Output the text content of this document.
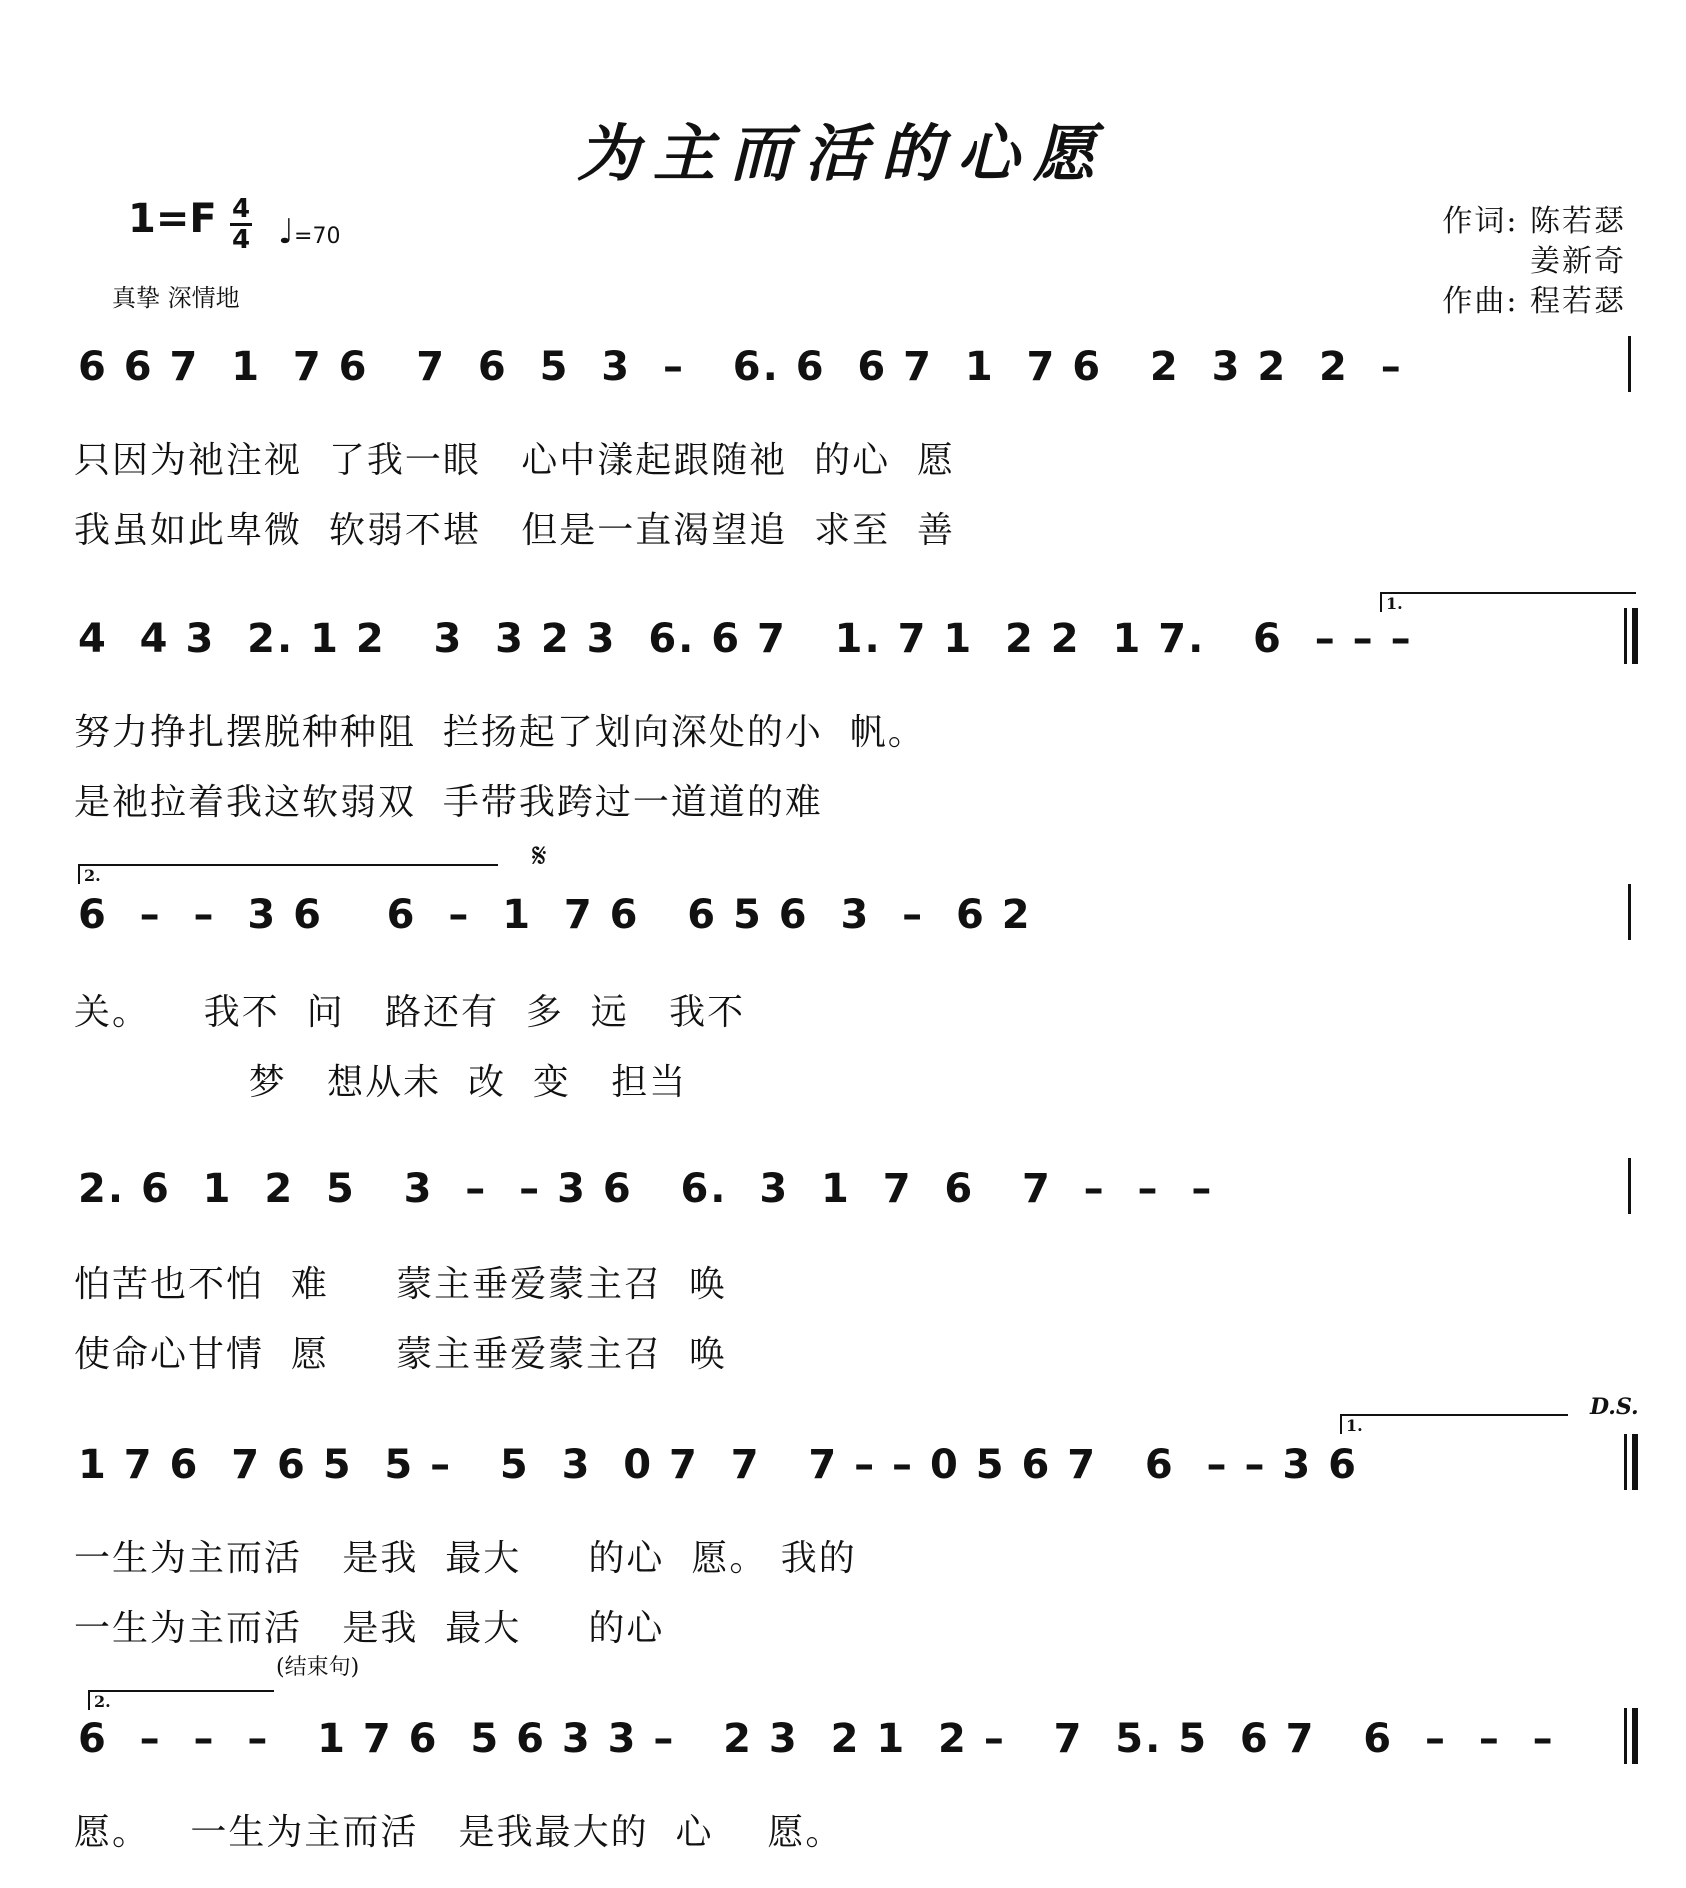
为主而活的心愿
1=F 4
4 ♩=70
真挚 深情地
作词: 陈若瑟
姜新奇
作曲: 程若瑟
6 6 7  1  7 6   7  6  5  3  –   6. 6  6 7  1  7 6   2  3 2  2  –
只因为祂注视  了我一眼   心中漾起跟随祂  的心  愿
我虽如此卑微  软弱不堪   但是一直渴望追  求至  善
1.
4  4 3  2. 1 2   3  3 2 3  6. 6 7   1. 7 1  2 2  1 7.   6  – – –
努力挣扎摆脱种种阻  拦扬起了划向深处的小  帆。
是祂拉着我这软弱双  手带我跨过一道道的难
2.	𝄋
6  –  –  3 6    6  –  1  7 6   6 5 6  3  –  6 2
关。    我不  问   路还有  多  远   我不
梦   想从未  改  变   担当
2. 6  1  2  5   3  –  – 3 6   6.  3  1  7  6   7  –  –  –
怕苦也不怕  难     蒙主垂爱蒙主召  唤
使命心甘情  愿     蒙主垂爱蒙主召  唤
D.S.
1.
1 7 6  7 6 5  5 –   5  3  0 7  7   7 – – 0 5 6 7   6  – – 3 6
一生为主而活   是我  最大     的心  愿。 我的
一生为主而活   是我  最大     的心
(结束句)
2.
6  –  –  –   1 7 6  5 6 3 3 –   2 3  2 1  2 –   7  5. 5  6 7   6  –  –  –
愿。   一生为主而活   是我最大的  心    愿。
